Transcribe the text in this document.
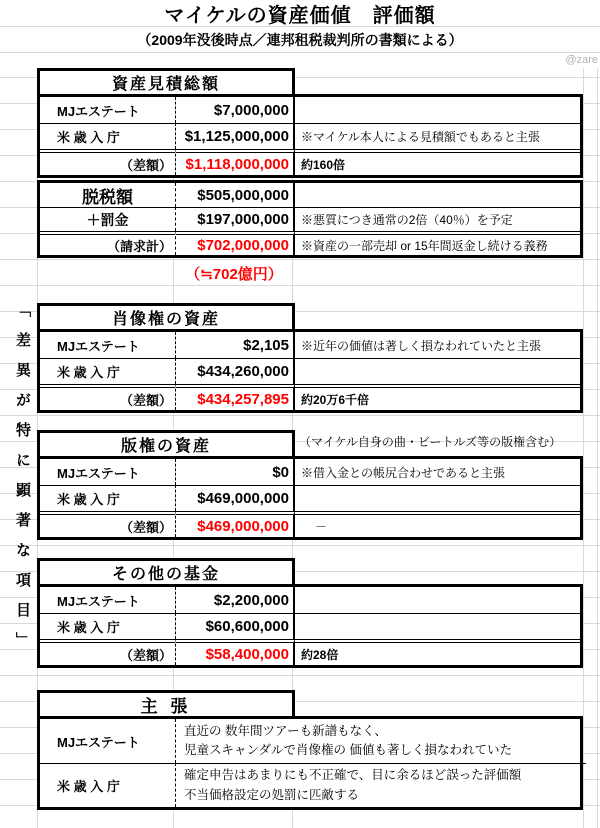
マイケルの資産価値　評価額
（2009年没後時点／連邦租税裁判所の書類による）
@zare
「差異が特に顕著な項目」
資産見積総額
MJエステート	$7,000,000
米 歳 入 庁	$1,125,000,000	※マイケル本人による見積額でもあると主張
（差額） $1,118,000,000	約160倍
脱税額	$505,000,000
＋罰金	$197,000,000	※悪質につき通常の2倍（40％）を予定
（請求計）	$702,000,000	※資産の一部売却 or 15年間返金し続ける義務
（≒702億円）
肖像権の資産
MJエステート	$2,105	※近年の価値は著しく損なわれていたと主張
米 歳 入 庁	$434,260,000
（差額）	$434,257,895	約20万6千倍
版権の資産	（マイケル自身の曲・ビートルズ等の版権含む）
MJエステート	$0	※借入金との帳尻合わせであると主張
米 歳 入 庁	$469,000,000
（差額）	$469,000,000	－
その他の基金
MJエステート	$2,200,000
米 歳 入 庁	$60,600,000
（差額）	$58,400,000	約28倍
主 張
MJエステート
直近の 数年間ツアーも新譜もなく、
児童スキャンダルで肖像権の 価値も著しく損なわれていた
米 歳 入 庁
確定申告はあまりにも不正確で、目に余るほど誤った評価額
不当価格設定の処罰に匹敵する
